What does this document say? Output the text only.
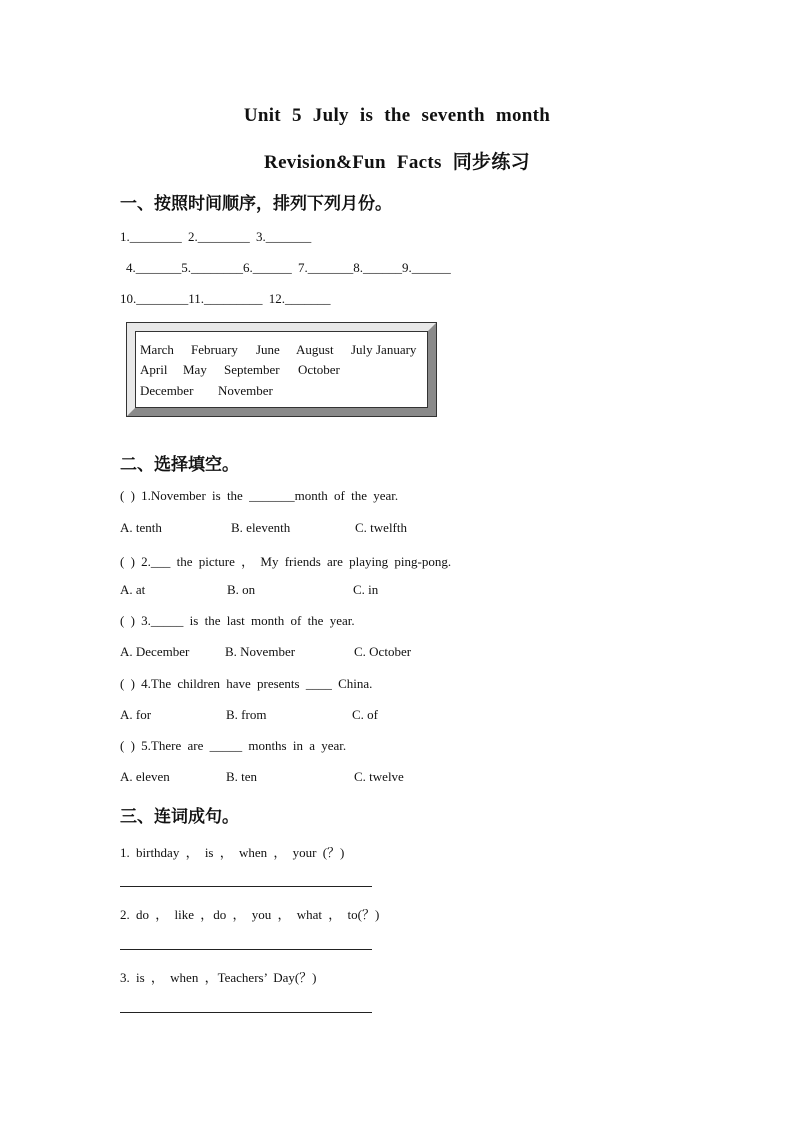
Unit 5 July is the seventh month
Revision&Fun Facts 同步练习
一、按照时间顺序，排列下列月份。
1.________ 2.________ 3._______
4._______5.________6.______ 7._______8.______9.______
10.________11._________ 12._______
March February June August July January
April May September October
December November
二、选择填空。
( ) 1.November is the _______month of the year.
A. tenth	B. eleventh	C. twelfth
( ) 2.___ the picture ， My friends are playing ping-pong.
A. at	B. on	C. in
( ) 3._____ is the last month of the year.
A. December	B. November	C. October
( ) 4.The children have presents ____ China.
A. for	B. from	C. of
( ) 5.There are _____ months in a year.
A. eleven	B. ten	C. twelve
三、连词成句。
1. birthday ， is ， when ， your (？)
2. do ， like ，do ， you ， what ， to(？)
3. is ， when ，Teachers’ Day(？)
